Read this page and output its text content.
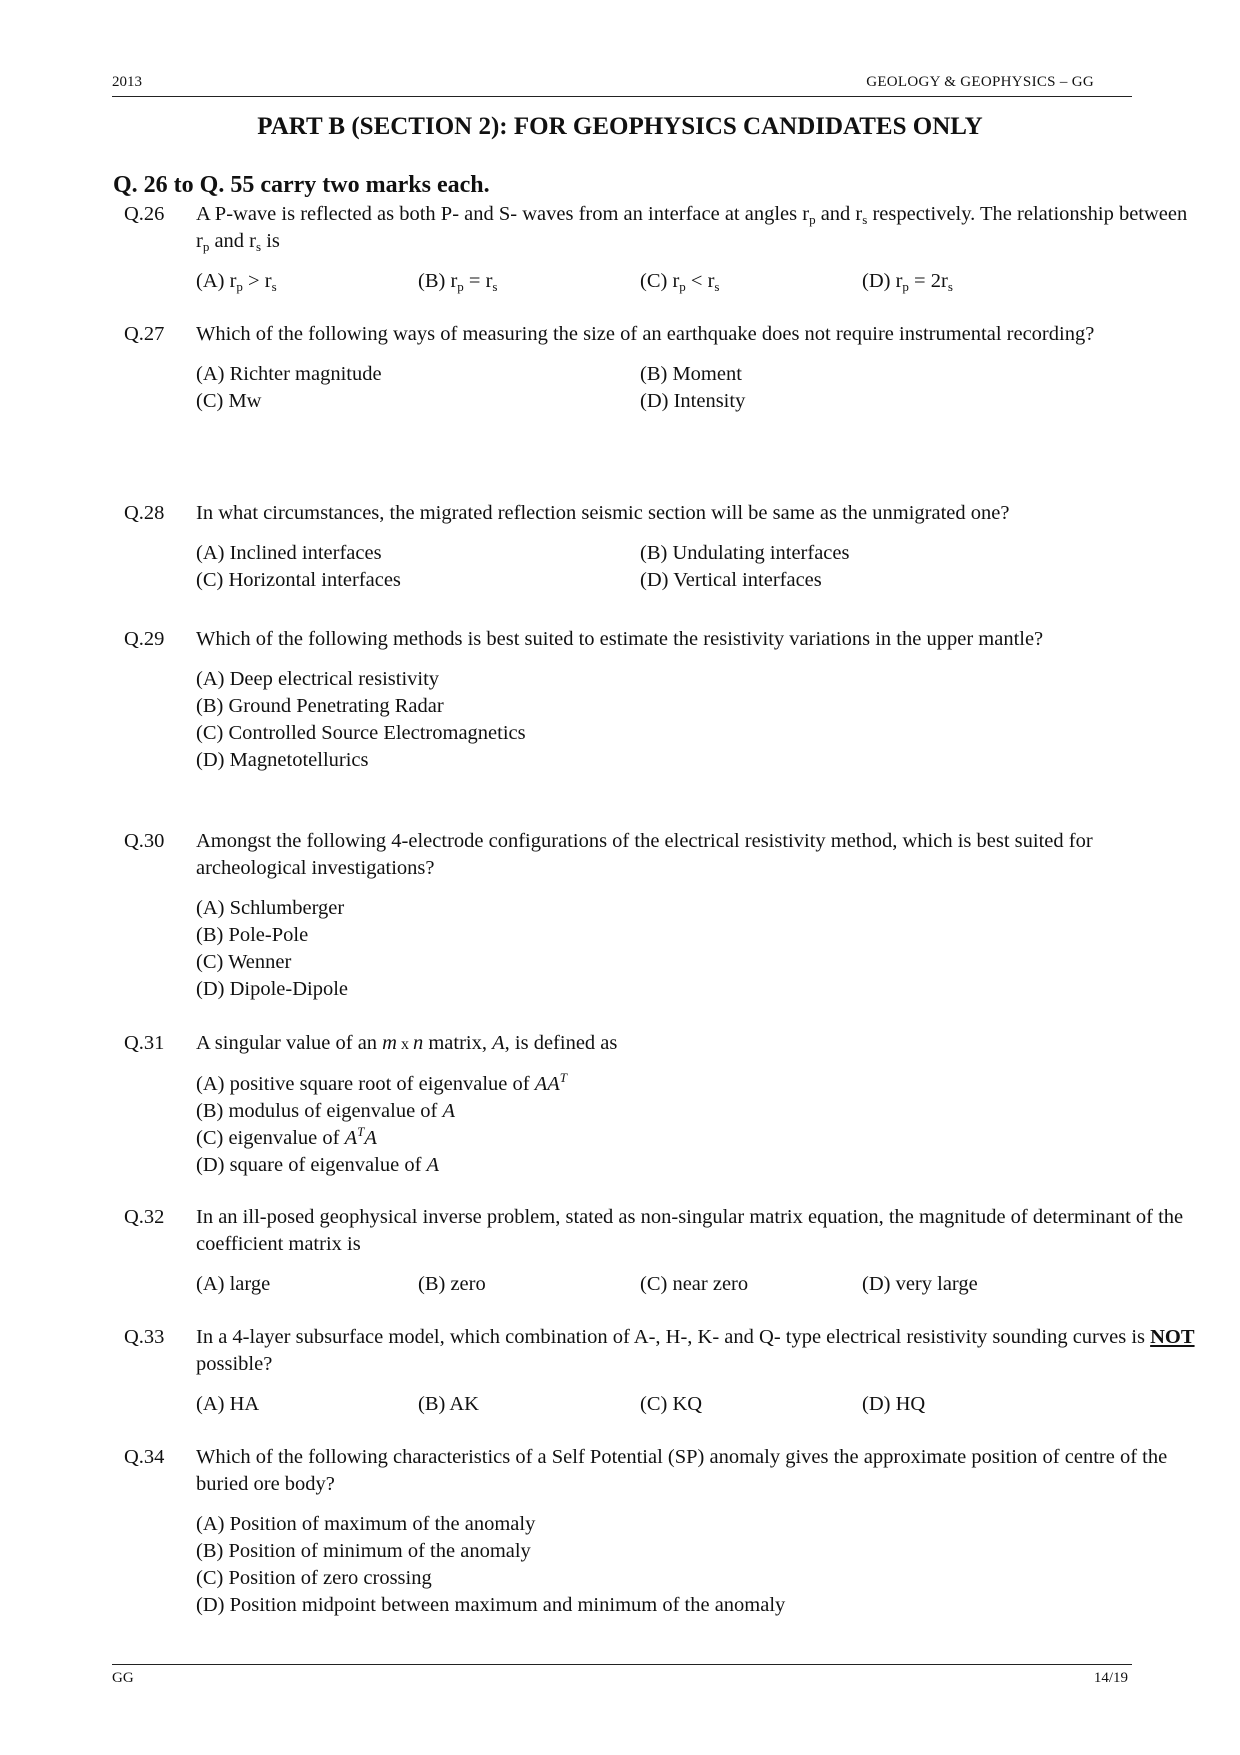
2013	GEOLOGY & GEOPHYSICS – GG
PART B (SECTION 2): FOR GEOPHYSICS CANDIDATES ONLY
Q. 26 to Q. 55 carry two marks each.
Q.26 A P-wave is reflected as both P- and S- waves from an interface at angles $r_p$ and $r_s$ respectively. The relationship between $r_p$ and $r_s$ is
(A) $r_p > r_s$	(B) $r_p = r_s$	(C) $r_p < r_s$	(D) $r_p = 2r_s$
Q.27 Which of the following ways of measuring the size of an earthquake does not require instrumental recording?
(A) Richter magnitude	(B) Moment
(C) Mw	(D) Intensity
Q.28 In what circumstances, the migrated reflection seismic section will be same as the unmigrated one?
(A) Inclined interfaces	(B) Undulating interfaces
(C) Horizontal interfaces	(D) Vertical interfaces
Q.29 Which of the following methods is best suited to estimate the resistivity variations in the upper mantle?
(A) Deep electrical resistivity
(B) Ground Penetrating Radar
(C) Controlled Source Electromagnetics
(D) Magnetotellurics
Q.30 Amongst the following 4-electrode configurations of the electrical resistivity method, which is best suited for archeological investigations?
(A) Schlumberger
(B) Pole-Pole
(C) Wenner
(D) Dipole-Dipole
Q.31 A singular value of an m x n matrix, A, is defined as
(A) positive square root of eigenvalue of $AA^T$
(B) modulus of eigenvalue of A
(C) eigenvalue of $A^TA$
(D) square of eigenvalue of A
Q.32 In an ill-posed geophysical inverse problem, stated as non-singular matrix equation, the magnitude of determinant of the coefficient matrix is
(A) large	(B) zero	(C) near zero	(D) very large
Q.33 In a 4-layer subsurface model, which combination of A-, H-, K- and Q- type electrical resistivity sounding curves is NOT possible?
(A) HA	(B) AK	(C) KQ	(D) HQ
Q.34 Which of the following characteristics of a Self Potential (SP) anomaly gives the approximate position of centre of the buried ore body?
(A) Position of maximum of the anomaly
(B) Position of minimum of the anomaly
(C) Position of zero crossing
(D) Position midpoint between maximum and minimum of the anomaly
GG	14/19
